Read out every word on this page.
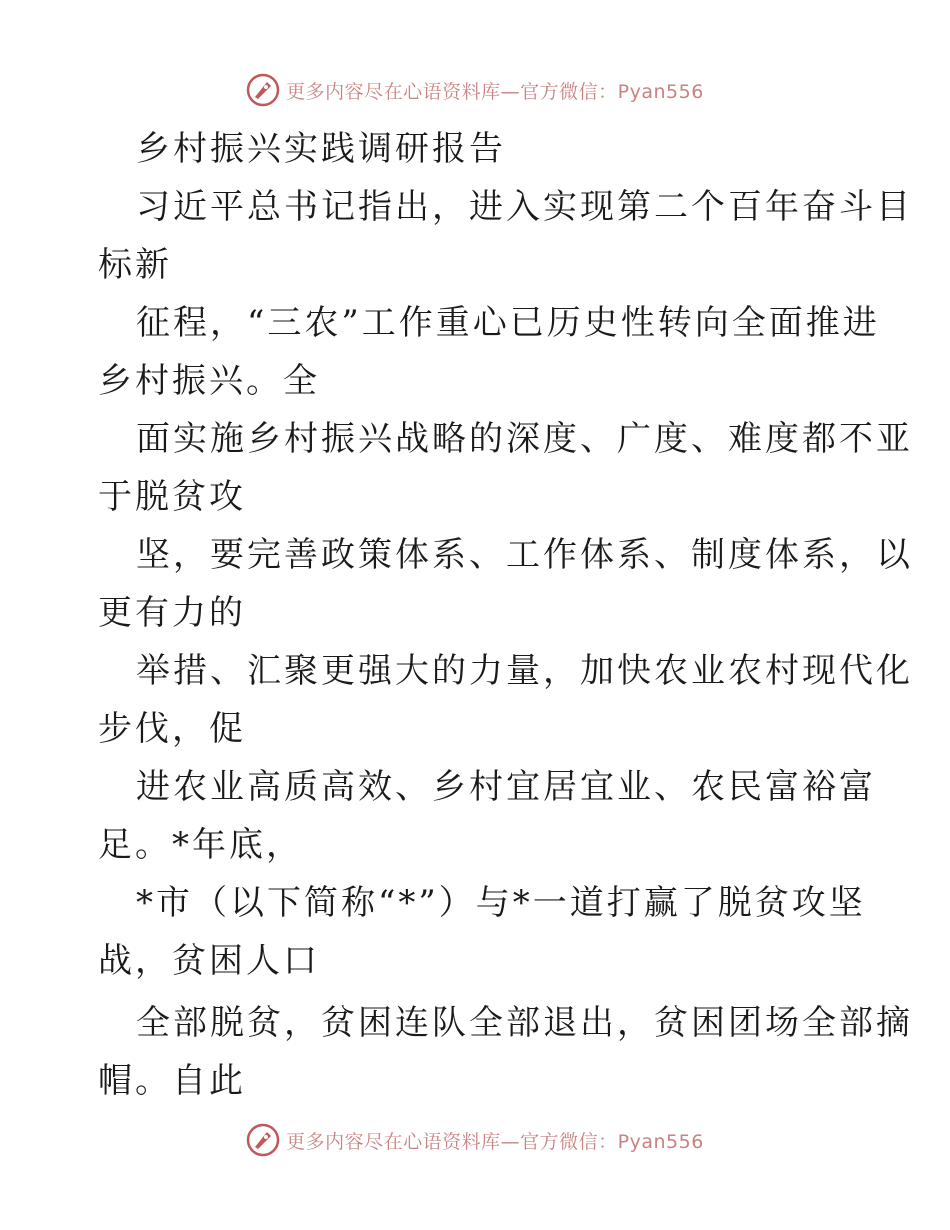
更多内容尽在心语资料库—官方微信：Pyan556
乡村振兴实践调研报告
习近平总书记指出，进入实现第二个百年奋斗目
标新
征程，“三农”工作重心已历史性转向全面推进
乡村振兴。全
面实施乡村振兴战略的深度、广度、难度都不亚
于脱贫攻
坚，要完善政策体系、工作体系、制度体系，以
更有力的
举措、汇聚更强大的力量，加快农业农村现代化
步伐，促
进农业高质高效、乡村宜居宜业、农民富裕富
足。*年底，
*市（以下简称“*”）与*一道打赢了脱贫攻坚
战，贫困人口
全部脱贫，贫困连队全部退出，贫困团场全部摘
帽。自此
更多内容尽在心语资料库—官方微信：Pyan556
